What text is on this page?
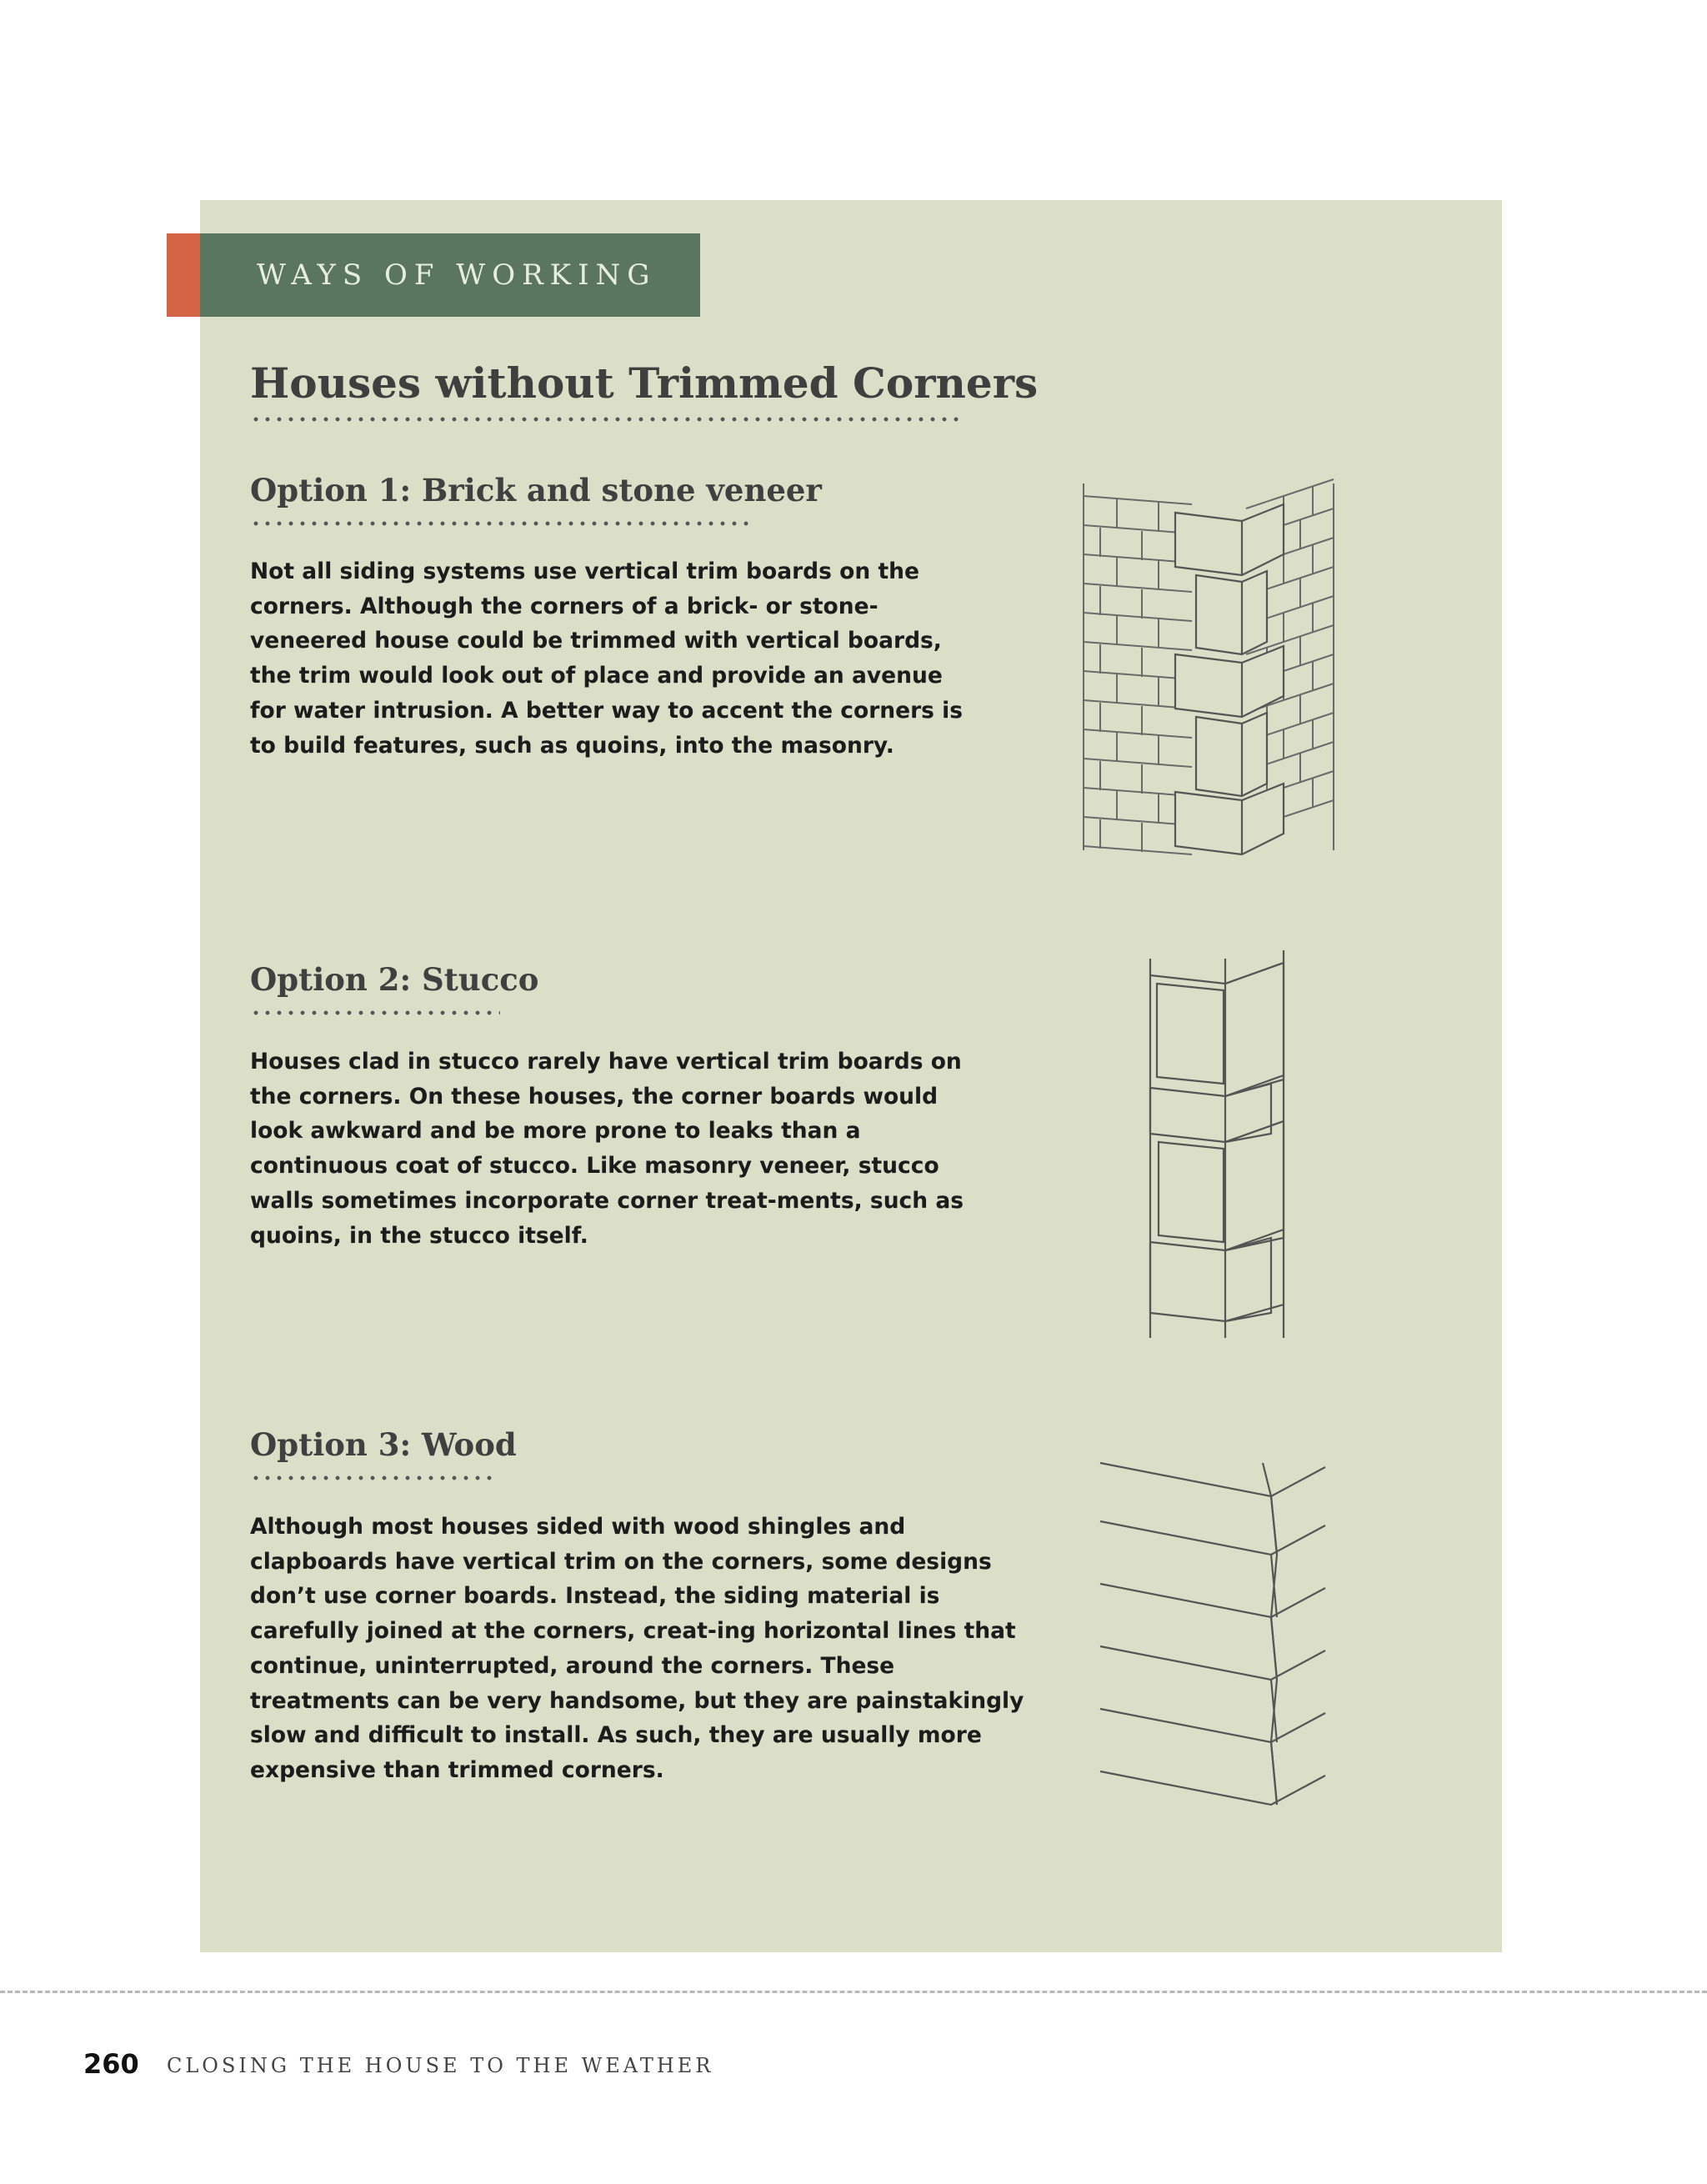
WAYS OF WORKING
Houses without Trimmed Corners
Option 1: Brick and stone veneer

Not all siding systems use vertical trim boards on the corners. Although the corners of a brick- or stone-veneered house could be trimmed with vertical boards, the trim would look out of place and provide an avenue for water intrusion. A better way to accent the corners is to build features, such as quoins, into the masonry.

Option 2: Stucco

Houses clad in stucco rarely have vertical trim boards on the corners. On these houses, the corner boards would look awkward and be more prone to leaks than a continuous coat of stucco. Like masonry veneer, stucco walls sometimes incorporate corner treat-ments, such as quoins, in the stucco itself.

Option 3: Wood

Although most houses sided with wood shingles and clapboards have vertical trim on the corners, some designs don’t use corner boards. Instead, the siding material is carefully joined at the corners, creat-ing horizontal lines that continue, uninterrupted, around the corners. These treatments can be very handsome, but they are painstakingly slow and difficult to install. As such, they are usually more expensive than trimmed corners.

260 CLOSING THE HOUSE TO THE WEATHER
